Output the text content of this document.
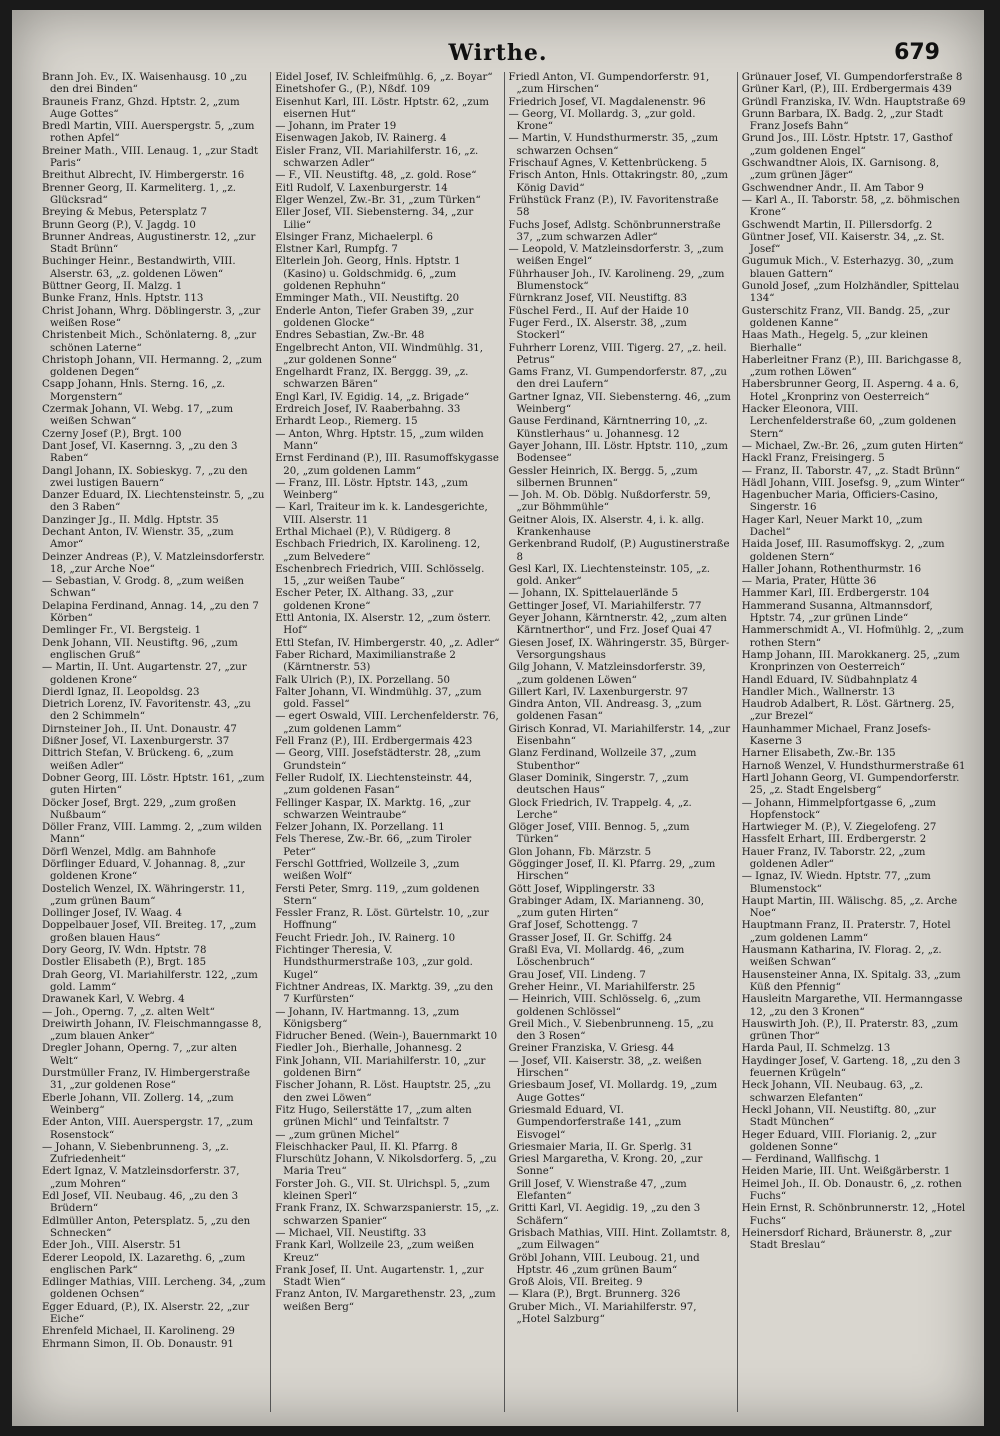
Wirthe.	679

Brann Joh. Ev., IX. Waisenhausg. 10 „zu den drei Binden“

Brauneis Franz, Ghzd. Hptstr. 2, „zum Auge Gottes“

Bredl Martin, VIII. Auerspergstr. 5, „zum rothen Apfel“

Breiner Math., VIII. Lenaug. 1, „zur Stadt Paris“

Breithut Albrecht, IV. Himbergerstr. 16

Brenner Georg, II. Karmeliterg. 1, „z. Glücksrad“

Breying & Mebus, Petersplatz 7

Brunn Georg (P.), V. Jagdg. 10

Brunner Andreas, Augustinerstr. 12, „zur Stadt Brünn“

Buchinger Heinr., Bestandwirth, VIII. Alserstr. 63, „z. goldenen Löwen“

Büttner Georg, II. Malzg. 1

Bunke Franz, Hnls. Hptstr. 113

Christ Johann, Whrg. Döblingerstr. 3, „zur weißen Rose“

Christenbeit Mich., Schönlaterng. 8, „zur schönen Laterne“

Christoph Johann, VII. Hermanng. 2, „zum goldenen Degen“

Csapp Johann, Hnls. Sterng. 16, „z. Morgenstern“

Czermak Johann, VI. Webg. 17, „zum weißen Schwan“

Czerny Josef (P.), Brgt. 100

Dant Josef, VI. Kasernng. 3, „zu den 3 Raben“

Dangl Johann, IX. Sobieskyg. 7, „zu den zwei lustigen Bauern“

Danzer Eduard, IX. Liechtensteinstr. 5, „zu den 3 Raben“

Danzinger Jg., II. Mdlg. Hptstr. 35

Dechant Anton, IV. Wienstr. 35, „zum Amor“

Deinzer Andreas (P.), V. Matzleinsdorferstr. 18, „zur Arche Noe“

— Sebastian, V. Grodg. 8, „zum weißen Schwan“

Delapina Ferdinand, Annag. 14, „zu den 7 Körben“

Demlinger Fr., VI. Bergsteig. 1

Denk Johann, VII. Neustiftg. 96, „zum englischen Gruß“

— Martin, II. Unt. Augartenstr. 27, „zur goldenen Krone“

Dierdl Ignaz, II. Leopoldsg. 23

Dietrich Lorenz, IV. Favoritenstr. 43, „zu den 2 Schimmeln“

Dirnsteiner Joh., II. Unt. Donaustr. 47

Dißner Josef, VI. Laxenburgerstr. 37

Dittrich Stefan, V. Brückeng. 6, „zum weißen Adler“

Dobner Georg, III. Löstr. Hptstr. 161, „zum guten Hirten“

Döcker Josef, Brgt. 229, „zum großen Nußbaum“

Döller Franz, VIII. Lammg. 2, „zum wilden Mann“

Dörfl Wenzel, Mdlg. am Bahnhofe

Dörflinger Eduard, V. Johannag. 8, „zur goldenen Krone“

Dostelich Wenzel, IX. Währingerstr. 11, „zum grünen Baum“

Dollinger Josef, IV. Waag. 4

Doppelbauer Josef, VII. Breiteg. 17, „zum großen blauen Haus“

Dory Georg, IV. Wdn. Hptstr. 78

Dostler Elisabeth (P.), Brgt. 185

Drah Georg, VI. Mariahilferstr. 122, „zum gold. Lamm“

Drawanek Karl, V. Webrg. 4

— Joh., Operng. 7, „z. alten Welt“

Dreiwirth Johann, IV. Fleischmanngasse 8, „zum blauen Anker“

Dregler Johann, Operng. 7, „zur alten Welt“

Durstmüller Franz, IV. Himbergerstraße 31, „zur goldenen Rose“

Eberle Johann, VII. Zollerg. 14, „zum Weinberg“

Eder Anton, VIII. Auerspergstr. 17, „zum Rosenstock“

— Johann, V. Siebenbrunneng. 3, „z. Zufriedenheit“

Edert Ignaz, V. Matzleinsdorferstr. 37, „zum Mohren“

Edl Josef, VII. Neubaug. 46, „zu den 3 Brüdern“

Edlmüller Anton, Petersplatz. 5, „zu den Schnecken“

Eder Joh., VIII. Alserstr. 51

Ederer Leopold, IX. Lazarethg. 6, „zum englischen Park“

Edlinger Mathias, VIII. Lercheng. 34, „zum goldenen Ochsen“

Egger Eduard, (P.), IX. Alserstr. 22, „zur Eiche“

Ehrenfeld Michael, II. Karolineng. 29

Ehrmann Simon, II. Ob. Donaustr. 91

Eidel Josef, IV. Schleifmühlg. 6, „z. Boyar“

Einetshofer G., (P.), Nßdf. 109

Eisenhut Karl, III. Löstr. Hptstr. 62, „zum eisernen Hut“

— Johann, im Prater 19

Eisenwagen Jakob, IV. Rainerg. 4

Eisler Franz, VII. Mariahilferstr. 16, „z. schwarzen Adler“

— F., VII. Neustiftg. 48, „z. gold. Rose“

Eitl Rudolf, V. Laxenburgerstr. 14

Elger Wenzel, Zw.-Br. 31, „zum Türken“

Eller Josef, VII. Siebensterng. 34, „zur Lilie“

Elsinger Franz, Michaelerpl. 6

Elstner Karl, Rumpfg. 7

Elterlein Joh. Georg, Hnls. Hptstr. 1 (Kasino) u. Goldschmidg. 6, „zum goldenen Rephuhn“

Emminger Math., VII. Neustiftg. 20

Enderle Anton, Tiefer Graben 39, „zur goldenen Glocke“

Endres Sebastian, Zw.-Br. 48

Engelbrecht Anton, VII. Windmühlg. 31, „zur goldenen Sonne“

Engelhardt Franz, IX. Berggg. 39, „z. schwarzen Bären“

Engl Karl, IV. Egidig. 14, „z. Brigade“

Erdreich Josef, IV. Raaberbahng. 33

Erhardt Leop., Riemerg. 15

— Anton, Whrg. Hptstr. 15, „zum wilden Mann“

Ernst Ferdinand (P.), III. Rasumoffskygasse 20, „zum goldenen Lamm“

— Franz, III. Löstr. Hptstr. 143, „zum Weinberg“

— Karl, Traiteur im k. k. Landesgerichte, VIII. Alserstr. 11

Erthal Michael (P.), V. Rüdigerg. 8

Eschbach Friedrich, IX. Karolineng. 12, „zum Belvedere“

Eschenbrech Friedrich, VIII. Schlösselg. 15, „zur weißen Taube“

Escher Peter, IX. Althang. 33, „zur goldenen Krone“

Ettl Antonia, IX. Alserstr. 12, „zum österr. Hof“

Ettl Stefan, IV. Himbergerstr. 40, „z. Adler“

Faber Richard, Maximilianstraße 2 (Kärntnerstr. 53)

Falk Ulrich (P.), IX. Porzellang. 50

Falter Johann, VI. Windmühlg. 37, „zum gold. Fassel“

— egert Oswald, VIII. Lerchenfelderstr. 76, „zum goldenen Lamm“

Fell Franz (P.), III. Erdbergermais 423

— Georg, VIII. Josefstädterstr. 28, „zum Grundstein“

Feller Rudolf, IX. Liechtensteinstr. 44, „zum goldenen Fasan“

Fellinger Kaspar, IX. Marktg. 16, „zur schwarzen Weintraube“

Felzer Johann, IX. Porzellang. 11

Fels Therese, Zw.-Br. 66, „zum Tiroler Peter“

Ferschl Gottfried, Wollzeile 3, „zum weißen Wolf“

Fersti Peter, Smrg. 119, „zum goldenen Stern“

Fessler Franz, R. Löst. Gürtelstr. 10, „zur Hoffnung“

Feucht Friedr. Joh., IV. Rainerg. 10

Fichtinger Theresia, V. Hundsthurmerstraße 103, „zur gold. Kugel“

Fichtner Andreas, IX. Marktg. 39, „zu den 7 Kurfürsten“

— Johann, IV. Hartmanng. 13, „zum Königsberg“

Fidrucher Bened. (Wein-), Bauernmarkt 10

Fiedler Joh., Bierhalle, Johannesg. 2

Fink Johann, VII. Mariahilferstr. 10, „zur goldenen Birn“

Fischer Johann, R. Löst. Hauptstr. 25, „zu den zwei Löwen“

Fitz Hugo, Seilerstätte 17, „zum alten grünen Michl“ und Teinfaltstr. 7

— „zum grünen Michel“

Fleischhacker Paul, II. Kl. Pfarrg. 8

Flurschütz Johann, V. Nikolsdorferg. 5, „zu Maria Treu“

Forster Joh. G., VII. St. Ulrichspl. 5, „zum kleinen Sperl“

Frank Franz, IX. Schwarzspanierstr. 15, „z. schwarzen Spanier“

— Michael, VII. Neustiftg. 33

Frank Karl, Wollzeile 23, „zum weißen Kreuz“

Frank Josef, II. Unt. Augartenstr. 1, „zur Stadt Wien“

Franz Anton, IV. Margarethenstr. 23, „zum weißen Berg“

Friedl Anton, VI. Gumpendorferstr. 91, „zum Hirschen“

Friedrich Josef, VI. Magdalenenstr. 96

— Georg, VI. Mollardg. 3, „zur gold. Krone“

— Martin, V. Hundsthurmerstr. 35, „zum schwarzen Ochsen“

Frischauf Agnes, V. Kettenbrückeng. 5

Frisch Anton, Hnls. Ottakringstr. 80, „zum König David“

Frühstück Franz (P.), IV. Favoritenstraße 58

Fuchs Josef, Adlstg. Schönbrunnerstraße 37, „zum schwarzen Adler“

— Leopold, V. Matzleinsdorferstr. 3, „zum weißen Engel“

Führhauser Joh., IV. Karolineng. 29, „zum Blumenstock“

Fürnkranz Josef, VII. Neustiftg. 83

Füschel Ferd., II. Auf der Haide 10

Fuger Ferd., IX. Alserstr. 38, „zum Stockerl“

Fuhrherr Lorenz, VIII. Tigerg. 27, „z. heil. Petrus“

Gams Franz, VI. Gumpendorferstr. 87, „zu den drei Laufern“

Gartner Ignaz, VII. Siebensterng. 46, „zum Weinberg“

Gause Ferdinand, Kärntnerring 10, „z. Künstlerhaus“ u. Johannesg. 12

Gayer Johann, III. Löstr. Hptstr. 110, „zum Bodensee“

Gessler Heinrich, IX. Bergg. 5, „zum silbernen Brunnen“

— Joh. M. Ob. Döblg. Nußdorferstr. 59, „zur Böhmmühle“

Geitner Alois, IX. Alserstr. 4, i. k. allg. Krankenhause

Gerkenbrand Rudolf, (P.) Augustinerstraße 8

Gesl Karl, IX. Liechtensteinstr. 105, „z. gold. Anker“

— Johann, IX. Spittelauerlände 5

Gettinger Josef, VI. Mariahilferstr. 77

Geyer Johann, Kärntnerstr. 42, „zum alten Kärntnerthor“, und Frz. Josef Quai 47

Giesen Josef, IX. Währingerstr. 35, Bürger-Versorgungshaus

Gilg Johann, V. Matzleinsdorferstr. 39, „zum goldenen Löwen“

Gillert Karl, IV. Laxenburgerstr. 97

Gindra Anton, VII. Andreasg. 3, „zum goldenen Fasan“

Girisch Konrad, VI. Mariahilferstr. 14, „zur Eisenbahn“

Glanz Ferdinand, Wollzeile 37, „zum Stubenthor“

Glaser Dominik, Singerstr. 7, „zum deutschen Haus“

Glock Friedrich, IV. Trappelg. 4, „z. Lerche“

Glöger Josef, VIII. Bennog. 5, „zum Türken“

Glon Johann, Fb. Märzstr. 5

Gögginger Josef, II. Kl. Pfarrg. 29, „zum Hirschen“

Gött Josef, Wipplingerstr. 33

Grabinger Adam, IX. Marianneng. 30, „zum guten Hirten“

Graf Josef, Schottengg. 7

Grasser Josef, II. Gr. Schiffg. 24

Graßl Eva, VI. Mollardg. 46, „zum Löschenbruch“

Grau Josef, VII. Lindeng. 7

Greher Heinr., VI. Mariahilferstr. 25

— Heinrich, VIII. Schlösselg. 6, „zum goldenen Schlössel“

Greil Mich., V. Siebenbrunneng. 15, „zu den 3 Rosen“

Greiner Franziska, V. Griesg. 44

— Josef, VII. Kaiserstr. 38, „z. weißen Hirschen“

Griesbaum Josef, VI. Mollardg. 19, „zum Auge Gottes“

Griesmald Eduard, VI. Gumpendorferstraße 141, „zum Eisvogel“

Griesmaier Maria, II. Gr. Sperlg. 31

Griesl Margaretha, V. Krong. 20, „zur Sonne“

Grill Josef, V. Wienstraße 47, „zum Elefanten“

Gritti Karl, VI. Aegidig. 19, „zu den 3 Schäfern“

Grisbach Mathias, VIII. Hint. Zollamtstr. 8, „zum Eilwagen“

Gröbl Johann, VIII. Leuboug. 21, und Hptstr. 46 „zum grünen Baum“

Groß Alois, VII. Breiteg. 9

— Klara (P.), Brgt. Brunnerg. 326

Gruber Mich., VI. Mariahilferstr. 97, „Hotel Salzburg“

Grünauer Josef, VI. Gumpendorferstraße 8

Grüner Karl, (P.), III. Erdbergermais 439

Gründl Franziska, IV. Wdn. Hauptstraße 69

Grunn Barbara, IX. Badg. 2, „zur Stadt Franz Josefs Bahn“

Grund Jos., III. Löstr. Hptstr. 17, Gasthof „zum goldenen Engel“

Gschwandtner Alois, IX. Garnisong. 8, „zum grünen Jäger“

Gschwendner Andr., II. Am Tabor 9

— Karl A., II. Taborstr. 58, „z. böhmischen Krone“

Gschwendt Martin, II. Pillersdorfg. 2

Güntner Josef, VII. Kaiserstr. 34, „z. St. Josef“

Gugumuk Mich., V. Esterhazyg. 30, „zum blauen Gattern“

Gunold Josef, „zum Holzhändler, Spittelau 134“

Gusterschitz Franz, VII. Bandg. 25, „zur goldenen Kanne“

Haas Math., Hegelg. 5, „zur kleinen Bierhalle“

Haberleitner Franz (P.), III. Barichgasse 8, „zum rothen Löwen“

Habersbrunner Georg, II. Asperng. 4 a. 6, Hotel „Kronprinz von Oesterreich“

Hacker Eleonora, VIII. Lerchenfelderstraße 60, „zum goldenen Stern“

— Michael, Zw.-Br. 26, „zum guten Hirten“

Hackl Franz, Freisingerg. 5

— Franz, II. Taborstr. 47, „z. Stadt Brünn“

Hädl Johann, VIII. Josefsg. 9, „zum Winter“

Hagenbucher Maria, Officiers-Casino, Singerstr. 16

Hager Karl, Neuer Markt 10, „zum Dachel“

Haida Josef, III. Rasumoffskyg. 2, „zum goldenen Stern“

Haller Johann, Rothenthurmstr. 16

— Maria, Prater, Hütte 36

Hammer Karl, III. Erdbergerstr. 104

Hammerand Susanna, Altmannsdorf, Hptstr. 74, „zur grünen Linde“

Hammerschmidt A., VI. Hofmühlg. 2, „zum rothen Stern“

Hamp Johann, III. Marokkanerg. 25, „zum Kronprinzen von Oesterreich“

Handl Eduard, IV. Südbahnplatz 4

Handler Mich., Wallnerstr. 13

Haudrob Adalbert, R. Löst. Gärtnerg. 25, „zur Brezel“

Haunhammer Michael, Franz Josefs-Kaserne 3

Harner Elisabeth, Zw.-Br. 135

Harnoß Wenzel, V. Hundsthurmerstraße 61

Hartl Johann Georg, VI. Gumpendorferstr. 25, „z. Stadt Engelsberg“

— Johann, Himmelpfortgasse 6, „zum Hopfenstock“

Hartwieger M. (P.), V. Ziegelofeng. 27

Hassfelt Erhart, III. Erdbergerstr. 2

Hauer Franz, IV. Taborstr. 22, „zum goldenen Adler“

— Ignaz, IV. Wiedn. Hptstr. 77, „zum Blumenstock“

Haupt Martin, III. Wälischg. 85, „z. Arche Noe“

Hauptmann Franz, II. Praterstr. 7, Hotel „zum goldenen Lamm“

Hausmann Katharina, IV. Florag. 2, „z. weißen Schwan“

Hausensteiner Anna, IX. Spitalg. 33, „zum Küß den Pfennig“

Hausleitn Margarethe, VII. Hermanngasse 12, „zu den 3 Kronen“

Hauswirth Joh. (P.), II. Praterstr. 83, „zum grünen Thor“

Harda Paul, II. Schmelzg. 13

Haydinger Josef, V. Garteng. 18, „zu den 3 feuernen Krügeln“

Heck Johann, VII. Neubaug. 63, „z. schwarzen Elefanten“

Heckl Johann, VII. Neustiftg. 80, „zur Stadt München“

Heger Eduard, VIII. Florianig. 2, „zur goldenen Sonne“

— Ferdinand, Wallfischg. 1

Heiden Marie, III. Unt. Weißgärberstr. 1

Heimel Joh., II. Ob. Donaustr. 6, „z. rothen Fuchs“

Hein Ernst, R. Schönbrunnerstr. 12, „Hotel Fuchs“

Heinersdorf Richard, Bräunerstr. 8, „zur Stadt Breslau“
